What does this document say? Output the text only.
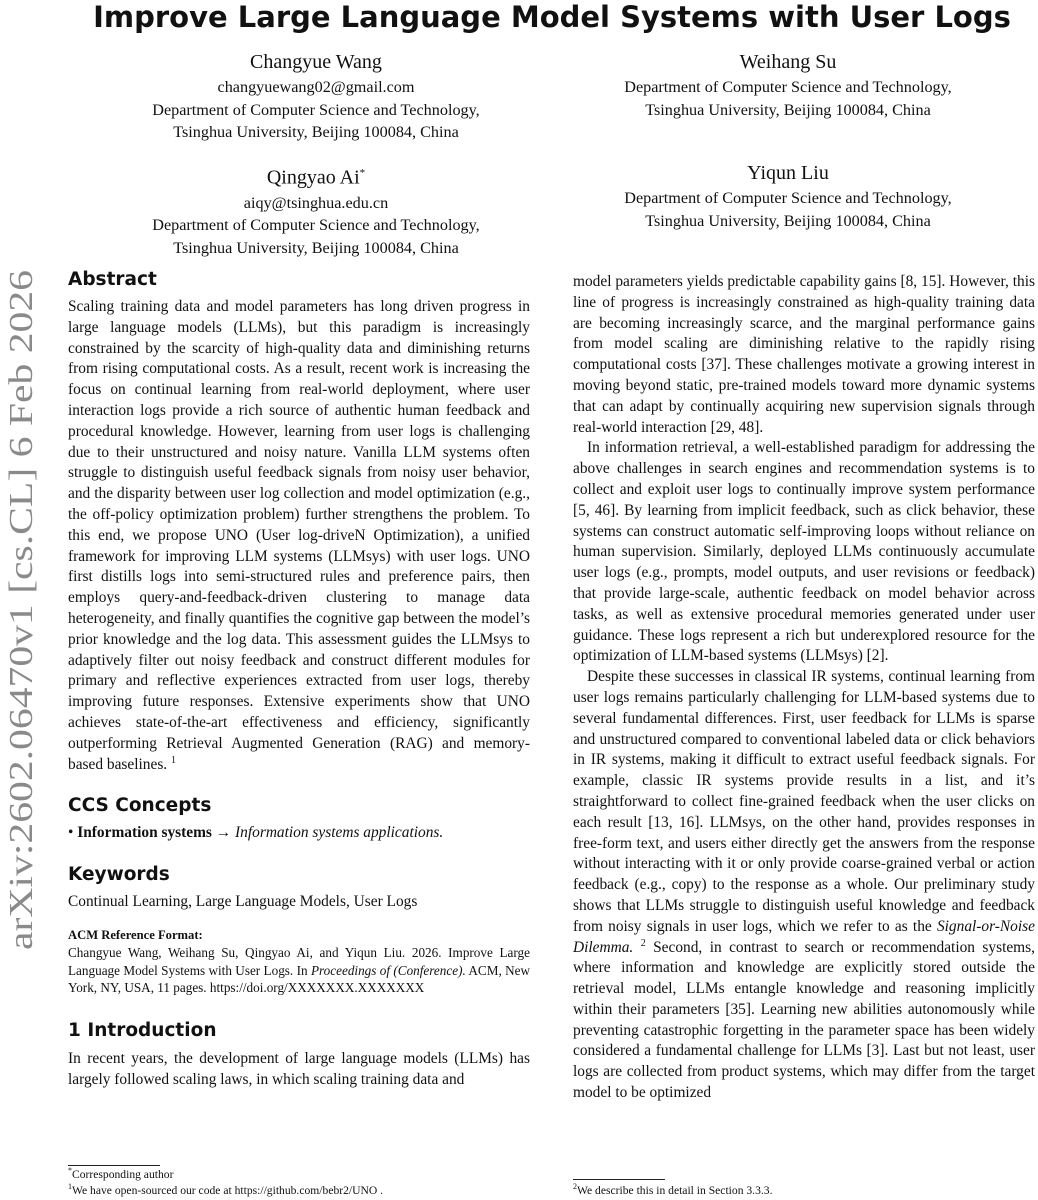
arXiv:2602.06470v1 [cs.CL] 6 Feb 2026
Improve Large Language Model Systems with User Logs
Changyue Wang
changyuewang02@gmail.com
Department of Computer Science and Technology,
Tsinghua University, Beijing 100084, China
Weihang Su
Department of Computer Science and Technology,
Tsinghua University, Beijing 100084, China
Qingyao Ai*
aiqy@tsinghua.edu.cn
Department of Computer Science and Technology,
Tsinghua University, Beijing 100084, China
Yiqun Liu
Department of Computer Science and Technology,
Tsinghua University, Beijing 100084, China
Abstract

Scaling training data and model parameters has long driven progress in large language models (LLMs), but this paradigm is increasingly constrained by the scarcity of high-quality data and diminishing returns from rising computational costs. As a result, recent work is increasing the focus on continual learning from real-world deployment, where user interaction logs provide a rich source of authentic human feedback and procedural knowledge. However, learning from user logs is challenging due to their unstructured and noisy nature. Vanilla LLM systems often struggle to distinguish useful feedback signals from noisy user behavior, and the disparity between user log collection and model optimization (e.g., the off-policy optimization problem) further strengthens the problem. To this end, we propose UNO (User log-driveN Optimization), a unified framework for improving LLM systems (LLMsys) with user logs. UNO first distills logs into semi-structured rules and preference pairs, then employs query-and-feedback-driven clustering to manage data heterogeneity, and finally quantifies the cognitive gap between the model’s prior knowledge and the log data. This assessment guides the LLMsys to adaptively filter out noisy feedback and construct different modules for primary and reflective experiences extracted from user logs, thereby improving future responses. Extensive experiments show that UNO achieves state-of-the-art effectiveness and efficiency, significantly outperforming Retrieval Augmented Generation (RAG) and memory-based baselines. $^1$

CCS Concepts
• Information systems → Information systems applications.
Keywords

Continual Learning, Large Language Models, User Logs

ACM Reference Format:
Changyue Wang, Weihang Su, Qingyao Ai, and Yiqun Liu. 2026. Improve Large Language Model Systems with User Logs. In Proceedings of (Conference). ACM, New York, NY, USA, 11 pages. https://doi.org/XXXXXXX.XXXXXXX
1 Introduction

In recent years, the development of large language models (LLMs) has largely followed scaling laws, in which scaling training data and

*Corresponding author
$^1$We have open-sourced our code at https://github.com/bebr2/UNO .

model parameters yields predictable capability gains [8, 15]. However, this line of progress is increasingly constrained as high-quality training data are becoming increasingly scarce, and the marginal performance gains from model scaling are diminishing relative to the rapidly rising computational costs [37]. These challenges motivate a growing interest in moving beyond static, pre-trained models toward more dynamic systems that can adapt by continually acquiring new supervision signals through real-world interaction [29, 48].

In information retrieval, a well-established paradigm for addressing the above challenges in search engines and recommendation systems is to collect and exploit user logs to continually improve system performance [5, 46]. By learning from implicit feedback, such as click behavior, these systems can construct automatic self-improving loops without reliance on human supervision. Similarly, deployed LLMs continuously accumulate user logs (e.g., prompts, model outputs, and user revisions or feedback) that provide large-scale, authentic feedback on model behavior across tasks, as well as extensive procedural memories generated under user guidance. These logs represent a rich but underexplored resource for the optimization of LLM-based systems (LLMsys) [2].

Despite these successes in classical IR systems, continual learning from user logs remains particularly challenging for LLM-based systems due to several fundamental differences. First, user feedback for LLMs is sparse and unstructured compared to conventional labeled data or click behaviors in IR systems, making it difficult to extract useful feedback signals. For example, classic IR systems provide results in a list, and it’s straightforward to collect fine-grained feedback when the user clicks on each result [13, 16]. LLMsys, on the other hand, provides responses in free-form text, and users either directly get the answers from the response without interacting with it or only provide coarse-grained verbal or action feedback (e.g., copy) to the response as a whole. Our preliminary study shows that LLMs struggle to distinguish useful knowledge and feedback from noisy signals in user logs, which we refer to as the Signal-or-Noise Dilemma. $^2$ Second, in contrast to search or recommendation systems, where information and knowledge are explicitly stored outside the retrieval model, LLMs entangle knowledge and reasoning implicitly within their parameters [35]. Learning new abilities autonomously while preventing catastrophic forgetting in the parameter space has been widely considered a fundamental challenge for LLMs [3]. Last but not least, user logs are collected from product systems, which may differ from the target model to be optimized

$^2$We describe this in detail in Section 3.3.3.
